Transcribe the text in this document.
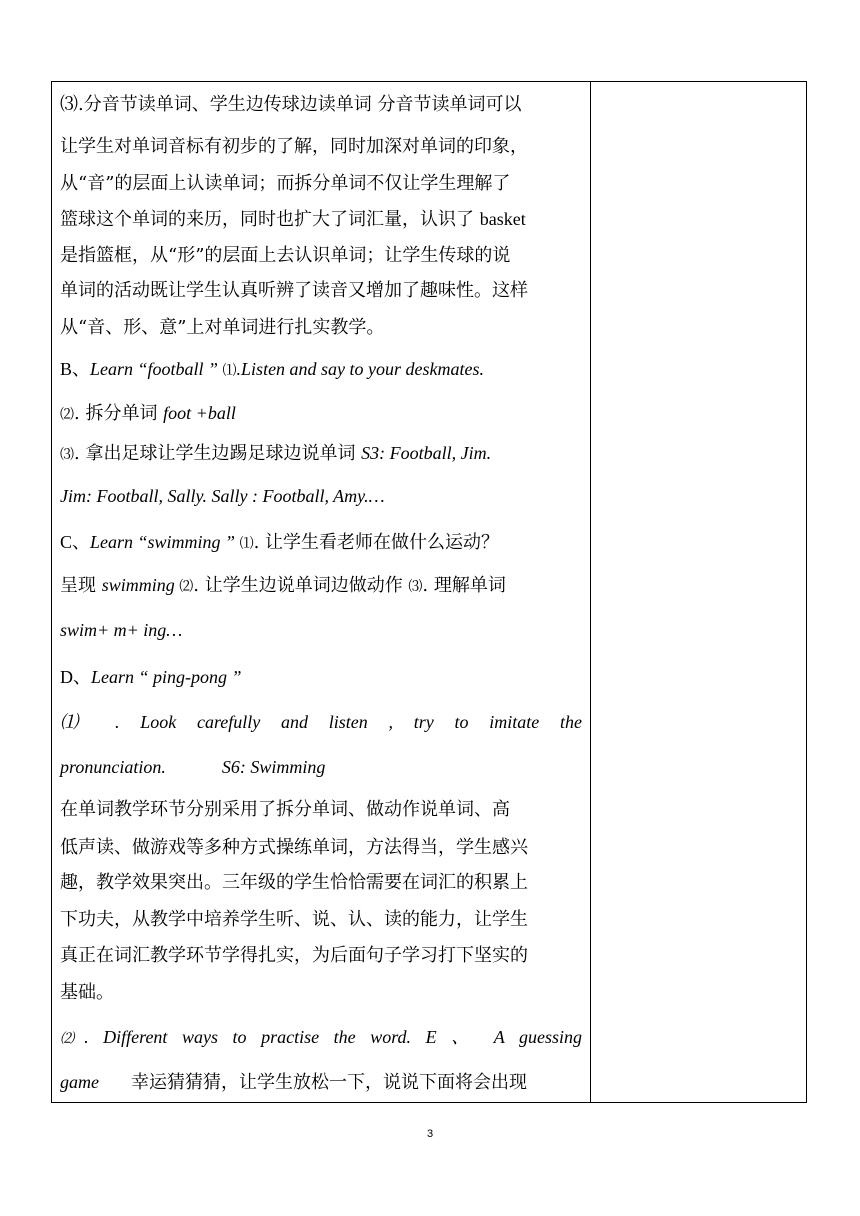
⑶.分音节读单词、学生边传球边读单词 分音节读单词可以
让学生对单词音标有初步的了解，同时加深对单词的印象，
从“音”的层面上认读单词；而拆分单词不仅让学生理解了
篮球这个单词的来历，同时也扩大了词汇量，认识了 basket
是指篮框，从“形”的层面上去认识单词；让学生传球的说
单词的活动既让学生认真听辨了读音又增加了趣味性。这样
从“音、形、意”上对单词进行扎实教学。
B、Learn “football ” ⑴.Listen and say to your deskmates.
⑵. 拆分单词 foot +ball
⑶. 拿出足球让学生边踢足球边说单词 S3: Football, Jim.
Jim: Football, Sally. Sally : Football, Amy.…
C、Learn “swimming ” ⑴. 让学生看老师在做什么运动？
呈现 swimming ⑵. 让学生边说单词边做动作 ⑶. 理解单词
swim+ m+ ing…
D、Learn “ ping-pong ”
⑴ . Look carefully and listen , try to imitate the
pronunciation.	S6: Swimming
在单词教学环节分别采用了拆分单词、做动作说单词、高
低声读、做游戏等多种方式操练单词，方法得当，学生感兴
趣，教学效果突出。三年级的学生恰恰需要在词汇的积累上
下功夫，从教学中培养学生听、说、认、读的能力，让学生
真正在词汇教学环节学得扎实，为后面句子学习打下坚实的
基础。
⑵. Different ways to practise the word. E 、 A guessing
game 幸运猜猜猜，让学生放松一下，说说下面将会出现
3
